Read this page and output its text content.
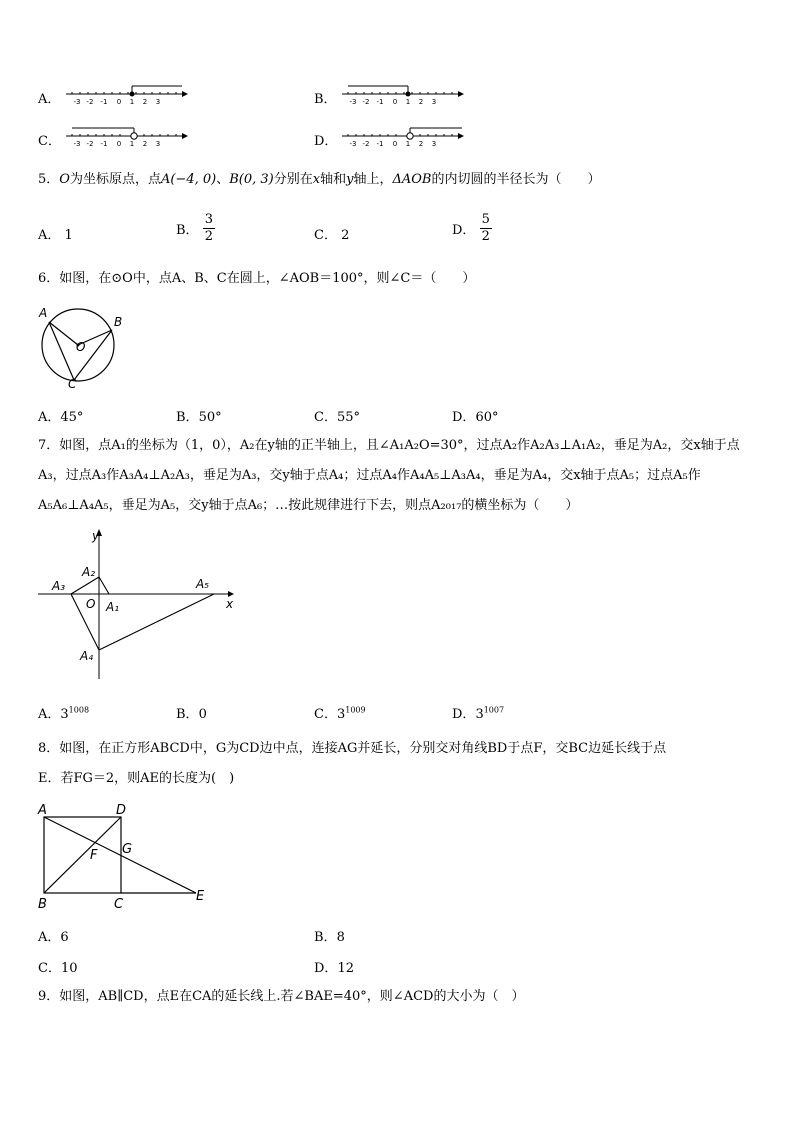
A． -3 -2 -1 0 1 2 3	B． -3 -2 -1 0 1 2 3
C． -3 -2 -1 0 1 2 3	D． -3 -2 -1 0 1 2 3
5．O为坐标原点，点A(−4, 0)、B(0, 3)分别在x轴和y轴上，ΔAOB的内切圆的半径长为（　　）
A． 1	B． $\frac{3}{2}$	C． 2	D． $\frac{5}{2}$
6．如图，在⊙O中，点A、B、C在圆上，∠AOB＝100°，则∠C＝（　　）
A
B
O
C
A．45°	B．50°	C．55°	D．60°
7．如图，点A₁的坐标为（1，0），A₂在y轴的正半轴上，且∠A₁A₂O=30°，过点A₂作A₂A₃⊥A₁A₂，垂足为A₂，交x轴于点
A₃，过点A₃作A₃A₄⊥A₂A₃，垂足为A₃，交y轴于点A₄；过点A₄作A₄A₅⊥A₃A₄，垂足为A₄，交x轴于点A₅；过点A₅作
A₅A₆⊥A₄A₅，垂足为A₅，交y轴于点A₆；…按此规律进行下去，则点A₂₀₁₇的横坐标为（　　）
y
x
A₂
A₃
O A₁
A₅
A₄
A．$3^{1008}$	B．0	C．$3^{1009}$	D．$3^{1007}$
8．如图，在正方形ABCD中，G为CD边中点，连接AG并延长，分别交对角线BD于点F，交BC边延长线于点
E．若FG＝2，则AE的长度为(　)
A	D
F G
B	C
E
A．6	B．8
C．10	D．12
9．如图，AB∥CD，点E在CA的延长线上.若∠BAE=40°，则∠ACD的大小为（　）
